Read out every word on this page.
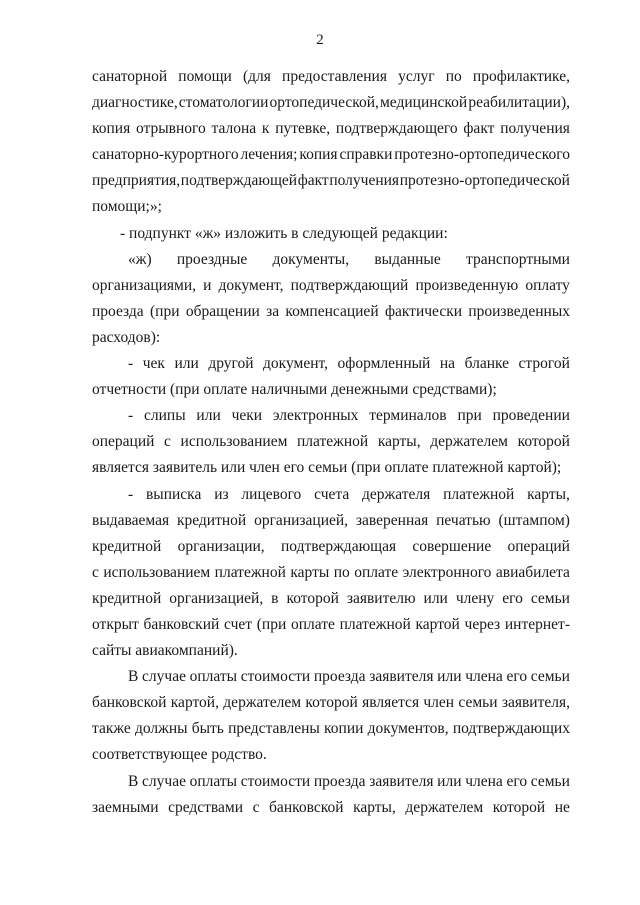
2
санаторной помощи (для предоставления услуг по профилактике,
диагностике, стоматологии ортопедической, медицинской реабилитации),
копия отрывного талона к путевке, подтверждающего факт получения
санаторно-курортного лечения; копия справки протезно-ортопедического
предприятия, подтверждающей факт получения протезно-ортопедической
помощи;»;
- подпункт «ж» изложить в следующей редакции:
«ж) проездные документы, выданные транспортными
организациями, и документ, подтверждающий произведенную оплату
проезда (при обращении за компенсацией фактически произведенных
расходов):
- чек или другой документ, оформленный на бланке строгой
отчетности (при оплате наличными денежными средствами);
- слипы или чеки электронных терминалов при проведении
операций с использованием платежной карты, держателем которой
является заявитель или член его семьи (при оплате платежной картой);
- выписка из лицевого счета держателя платежной карты,
выдаваемая кредитной организацией, заверенная печатью (штампом)
кредитной организации, подтверждающая совершение операций
с использованием платежной карты по оплате электронного авиабилета
кредитной организацией, в которой заявителю или члену его семьи
открыт банковский счет (при оплате платежной картой через интернет-
сайты авиакомпаний).
В случае оплаты стоимости проезда заявителя или члена его семьи
банковской картой, держателем которой является член семьи заявителя,
также должны быть представлены копии документов, подтверждающих
соответствующее родство.
В случае оплаты стоимости проезда заявителя или члена его семьи
заемными средствами с банковской карты, держателем которой не
